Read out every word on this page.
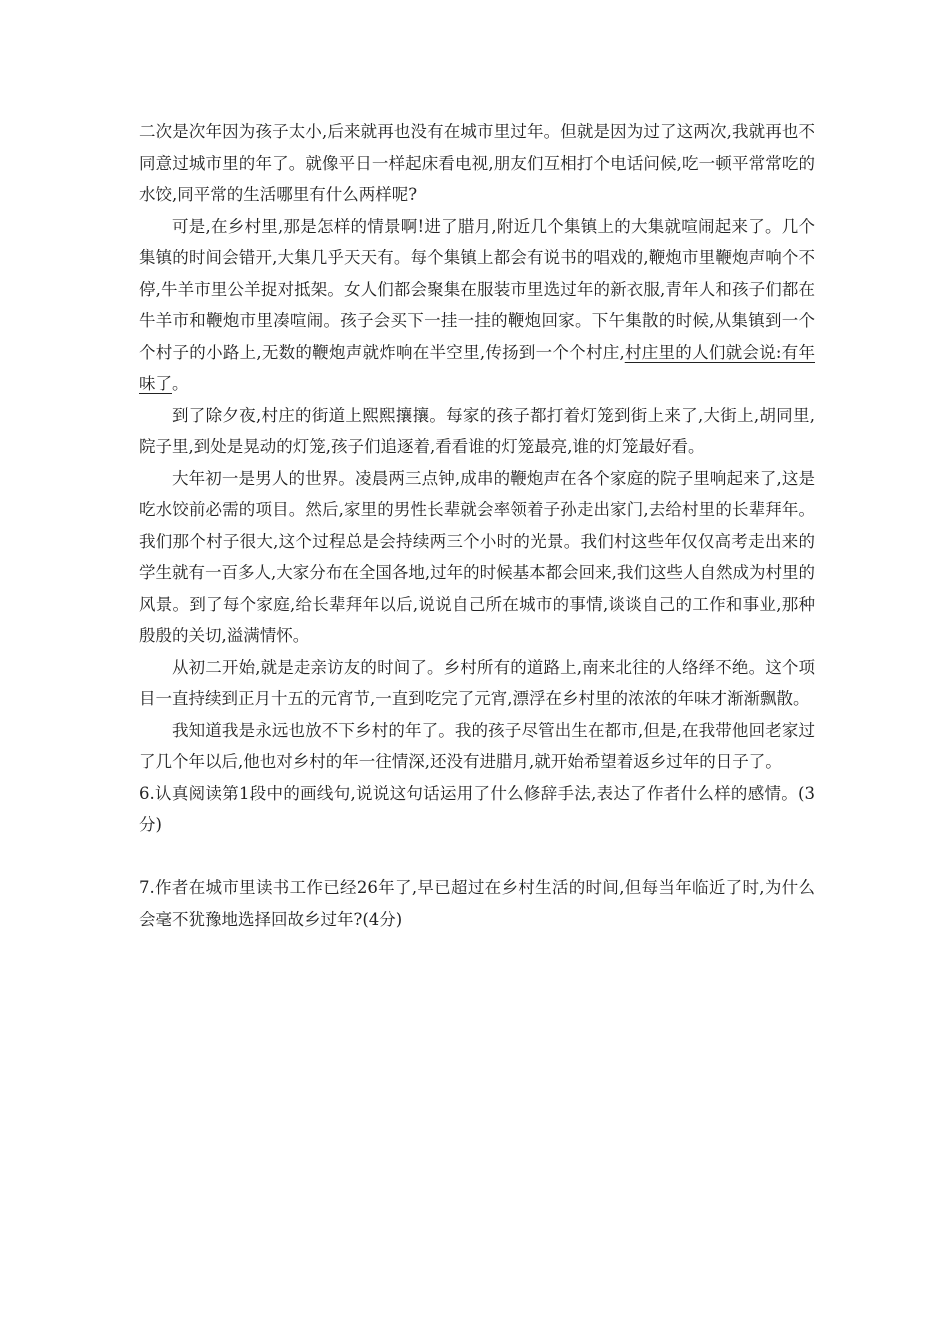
二次是次年因为孩子太小,后来就再也没有在城市里过年。但就是因为过了这两次,我就再也不同意过城市里的年了。就像平日一样起床看电视,朋友们互相打个电话问候,吃一顿平常常吃的水饺,同平常的生活哪里有什么两样呢?

可是,在乡村里,那是怎样的情景啊!进了腊月,附近几个集镇上的大集就喧闹起来了。几个集镇的时间会错开,大集几乎天天有。每个集镇上都会有说书的唱戏的,鞭炮市里鞭炮声响个不停,牛羊市里公羊捉对抵架。女人们都会聚集在服装市里选过年的新衣服,青年人和孩子们都在牛羊市和鞭炮市里凑喧闹。孩子会买下一挂一挂的鞭炮回家。下午集散的时候,从集镇到一个个村子的小路上,无数的鞭炮声就炸响在半空里,传扬到一个个村庄,村庄里的人们就会说:有年味了。

到了除夕夜,村庄的街道上熙熙攘攘。每家的孩子都打着灯笼到街上来了,大街上,胡同里,院子里,到处是晃动的灯笼,孩子们追逐着,看看谁的灯笼最亮,谁的灯笼最好看。

大年初一是男人的世界。凌晨两三点钟,成串的鞭炮声在各个家庭的院子里响起来了,这是吃水饺前必需的项目。然后,家里的男性长辈就会率领着子孙走出家门,去给村里的长辈拜年。我们那个村子很大,这个过程总是会持续两三个小时的光景。我们村这些年仅仅高考走出来的学生就有一百多人,大家分布在全国各地,过年的时候基本都会回来,我们这些人自然成为村里的风景。到了每个家庭,给长辈拜年以后,说说自己所在城市的事情,谈谈自己的工作和事业,那种殷殷的关切,溢满情怀。

从初二开始,就是走亲访友的时间了。乡村所有的道路上,南来北往的人络绎不绝。这个项目一直持续到正月十五的元宵节,一直到吃完了元宵,漂浮在乡村里的浓浓的年味才渐渐飘散。

我知道我是永远也放不下乡村的年了。我的孩子尽管出生在都市,但是,在我带他回老家过了几个年以后,他也对乡村的年一往情深,还没有进腊月,就开始希望着返乡过年的日子了。

6.认真阅读第1段中的画线句,说说这句话运用了什么修辞手法,表达了作者什么样的感情。(3分)

7.作者在城市里读书工作已经26年了,早已超过在乡村生活的时间,但每当年临近了时,为什么会毫不犹豫地选择回故乡过年?(4分)
